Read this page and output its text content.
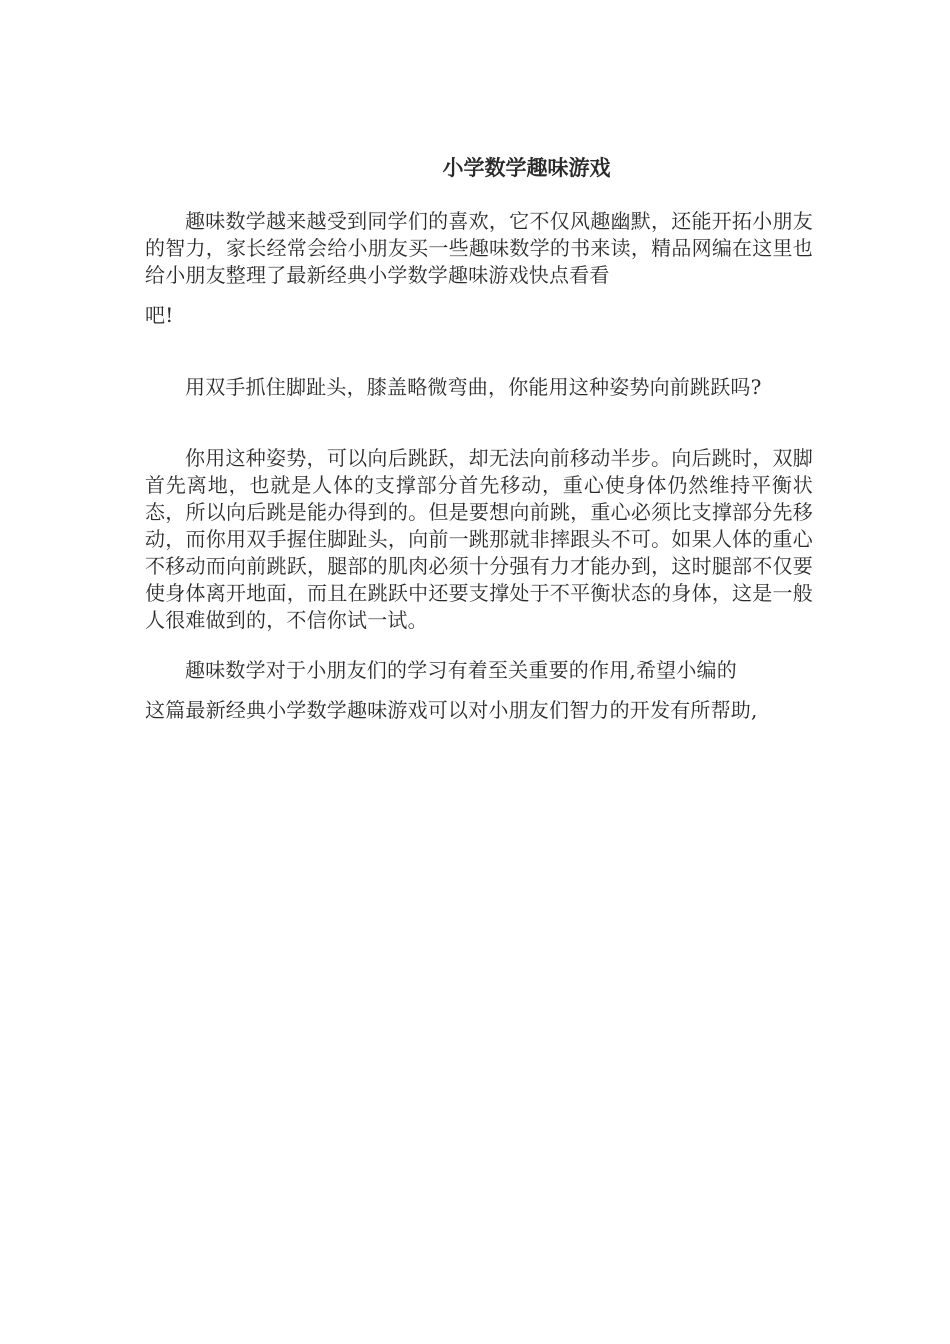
小学数学趣味游戏

趣味数学越来越受到同学们的喜欢，它不仅风趣幽默，还能开拓小朋友的智力，家长经常会给小朋友买一些趣味数学的书来读，精品网编在这里也给小朋友整理了最新经典小学数学趣味游戏快点看看
吧!

用双手抓住脚趾头，膝盖略微弯曲，你能用这种姿势向前跳跃吗?

你用这种姿势，可以向后跳跃，却无法向前移动半步。向后跳时，双脚首先离地，也就是人体的支撑部分首先移动，重心使身体仍然维持平衡状态，所以向后跳是能办得到的。但是要想向前跳，重心必须比支撑部分先移动，而你用双手握住脚趾头，向前一跳那就非摔跟头不可。如果人体的重心不移动而向前跳跃，腿部的肌肉必须十分强有力才能办到，这时腿部不仅要使身体离开地面，而且在跳跃中还要支撑处于不平衡状态的身体，这是一般人很难做到的，不信你试一试。

趣味数学对于小朋友们的学习有着至关重要的作用,希望小编的
这篇最新经典小学数学趣味游戏可以对小朋友们智力的开发有所帮助,
